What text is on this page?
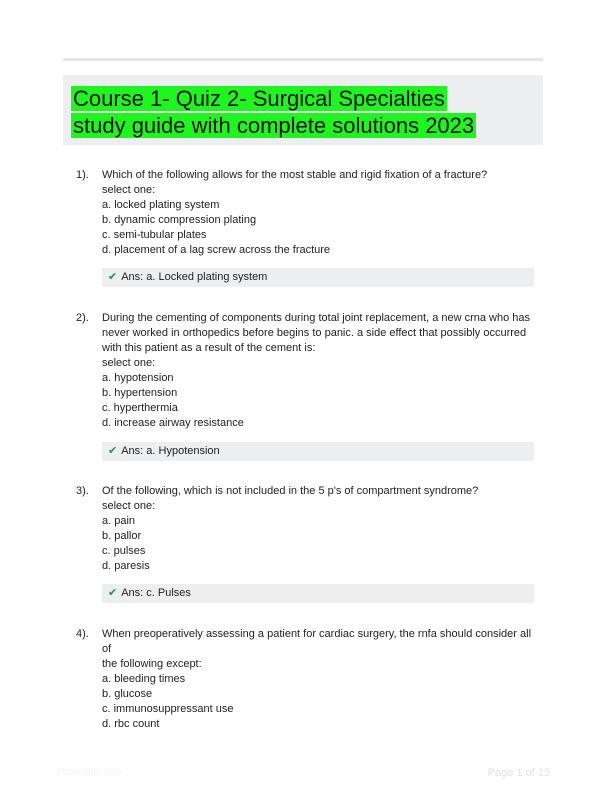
Course 1- Quiz 2- Surgical Specialties study guide with complete solutions 2023
1). Which of the following allows for the most stable and rigid fixation of a fracture?
select one:
a. locked plating system
b. dynamic compression plating
c. semi-tubular plates
d. placement of a lag screw across the fracture
✔ Ans: a. Locked plating system
2). During the cementing of components during total joint replacement, a new crna who has
never worked in orthopedics before begins to panic. a side effect that possibly occurred
with this patient as a result of the cement is:
select one:
a. hypotension
b. hypertension
c. hyperthermia
d. increase airway resistance
✔ Ans: a. Hypotension
3). Of the following, which is not included in the 5 p's of compartment syndrome?
select one:
a. pain
b. pallor
c. pulses
d. paresis
✔ Ans: c. Pulses
4). When preoperatively assessing a patient for cardiac surgery, the rnfa should consider all of
the following except:
a. bleeding times
b. glucose
c. immunosuppressant use
d. rbc count
Paperlibic.com	Page 1 of 13
